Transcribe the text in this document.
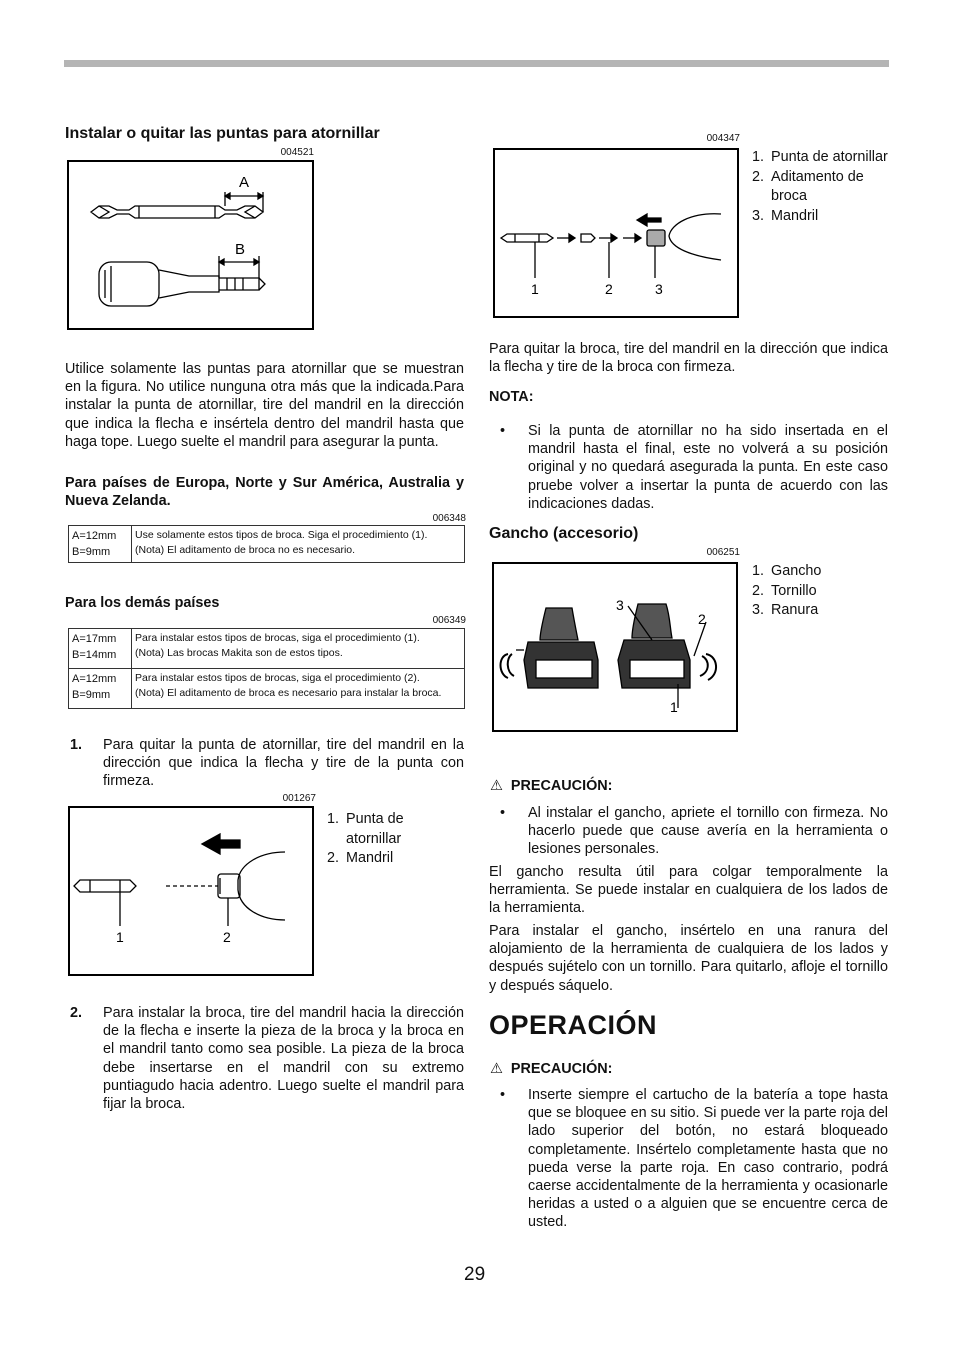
Instalar o quitar las puntas para atornillar
004521
A
B
Utilice solamente las puntas para atornillar que se muestran en la figura. No utilice nunguna otra más que la indicada.Para instalar la punta de atornillar, tire del mandril en la dirección que indica la flecha e insértela dentro del mandril hasta que haga tope. Luego suelte el mandril para asegurar la punta.
Para países de Europa, Norte y Sur América, Australia y Nueva Zelanda.
006348
A=12mm
B=9mm	Use solamente estos tipos de broca. Siga el procedimiento (1).
(Nota) El aditamento de broca no es necesario.
Para los demás países
006349
A=17mm
B=14mm	Para instalar estos tipos de brocas, siga el procedimiento (1).
(Nota) Las brocas Makita son de estos tipos.
A=12mm
B=9mm	Para instalar estos tipos de brocas, siga el procedimiento (2).
(Nota) El aditamento de broca es necesario para instalar la broca.
1. Para quitar la punta de atornillar, tire del mandril en la dirección que indica la flecha y tire de la punta con firmeza.
001267
1	2
1. Punta de atornillar
2. Mandril
2. Para instalar la broca, tire del mandril hacia la dirección de la flecha e inserte la pieza de la broca y la broca en el mandril tanto como sea posible. La pieza de la broca debe insertarse en el mandril con su extremo puntiagudo hacia adentro. Luego suelte el mandril para fijar la broca.
004347
1	2	3
1. Punta de atornillar
2. Aditamento de broca
3. Mandril
Para quitar la broca, tire del mandril en la dirección que indica la flecha y tire de la broca con firmeza.
NOTA:
• Si la punta de atornillar no ha sido insertada en el mandril hasta el final, este no volverá a su posición original y no quedará asegurada la punta. En este caso pruebe volver a insertar la punta de acuerdo con las indicaciones dadas.
Gancho (accesorio)
006251
3
2
1
1. Gancho
2. Tornillo
3. Ranura
⚠ PRECAUCIÓN:
• Al instalar el gancho, apriete el tornillo con firmeza. No hacerlo puede que cause avería en la herramienta o lesiones personales.
El gancho resulta útil para colgar temporalmente la herramienta. Se puede instalar en cualquiera de los lados de la herramienta.
Para instalar el gancho, insértelo en una ranura del alojamiento de la herramienta de cualquiera de los lados y después sujételo con un tornillo. Para quitarlo, afloje el tornillo y después sáquelo.
OPERACIÓN
⚠ PRECAUCIÓN:
• Inserte siempre el cartucho de la batería a tope hasta que se bloquee en su sitio. Si puede ver la parte roja del lado superior del botón, no estará bloqueado completamente. Insértelo completamente hasta que no pueda verse la parte roja. En caso contrario, podrá caerse accidentalmente de la herramienta y ocasionarle heridas a usted o a alguien que se encuentre cerca de usted.
29
